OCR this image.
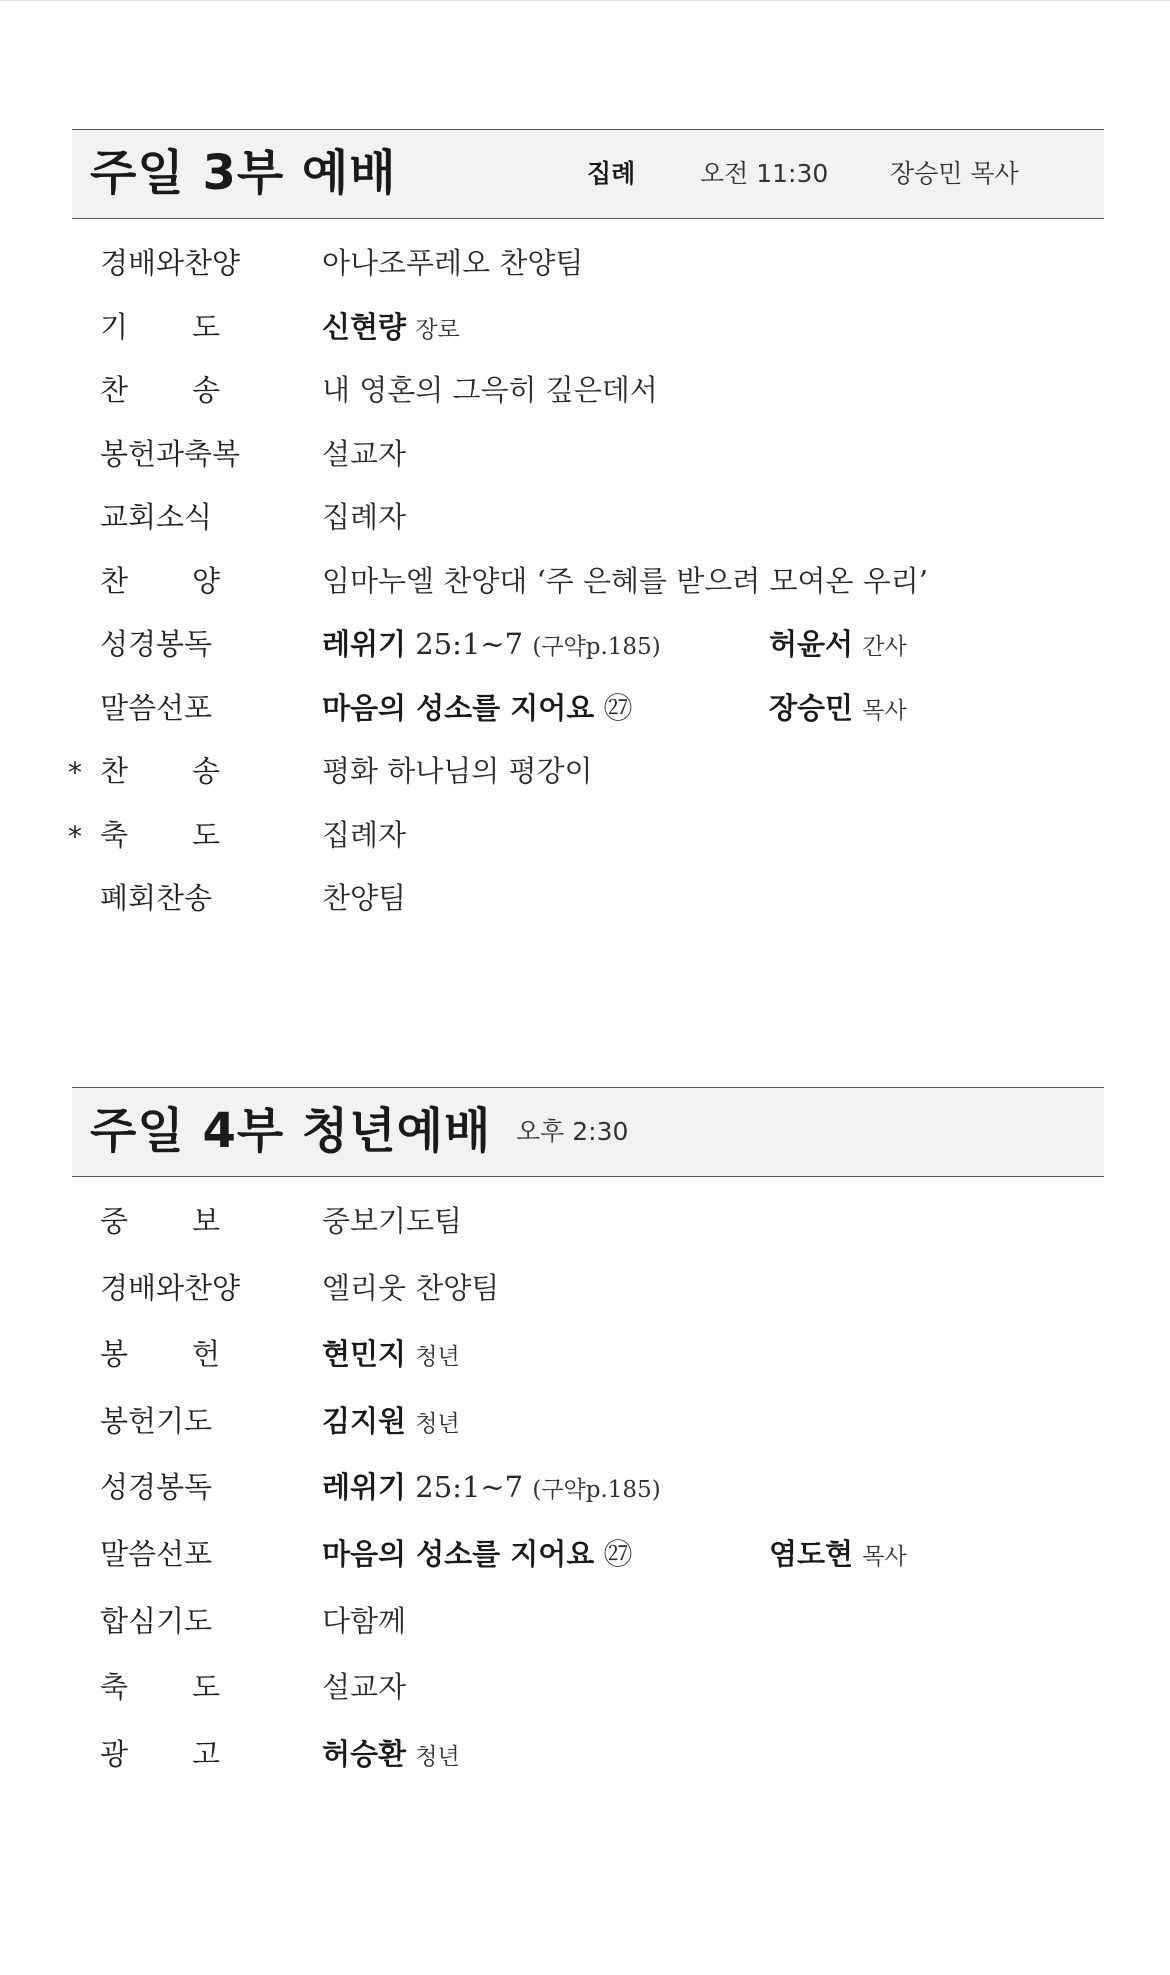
주일 3부 예배	집례	오전 11:30 장승민 목사
경배와찬양	아나조푸레오 찬양팀
기 도	신현량 장로
찬 송	내 영혼의 그윽히 깊은데서
봉헌과축복	설교자
교회소식	집례자
찬 양	임마누엘 찬양대 ‘주 은혜를 받으려 모여온 우리’
성경봉독	레위기 25:1~7 (구약p.185)	허윤서 간사
말씀선포	마음의 성소를 지어요 ㉗	장승민 목사
* 찬 송	평화 하나님의 평강이
* 축 도	집례자
폐회찬송	찬양팀
주일 4부 청년예배 오후 2:30
중 보	중보기도팀
경배와찬양	엘리웃 찬양팀
봉 헌	현민지 청년
봉헌기도	김지원 청년
성경봉독	레위기 25:1~7 (구약p.185)
말씀선포	마음의 성소를 지어요 ㉗	염도현 목사
합심기도	다함께
축 도	설교자
광 고	허승환 청년
